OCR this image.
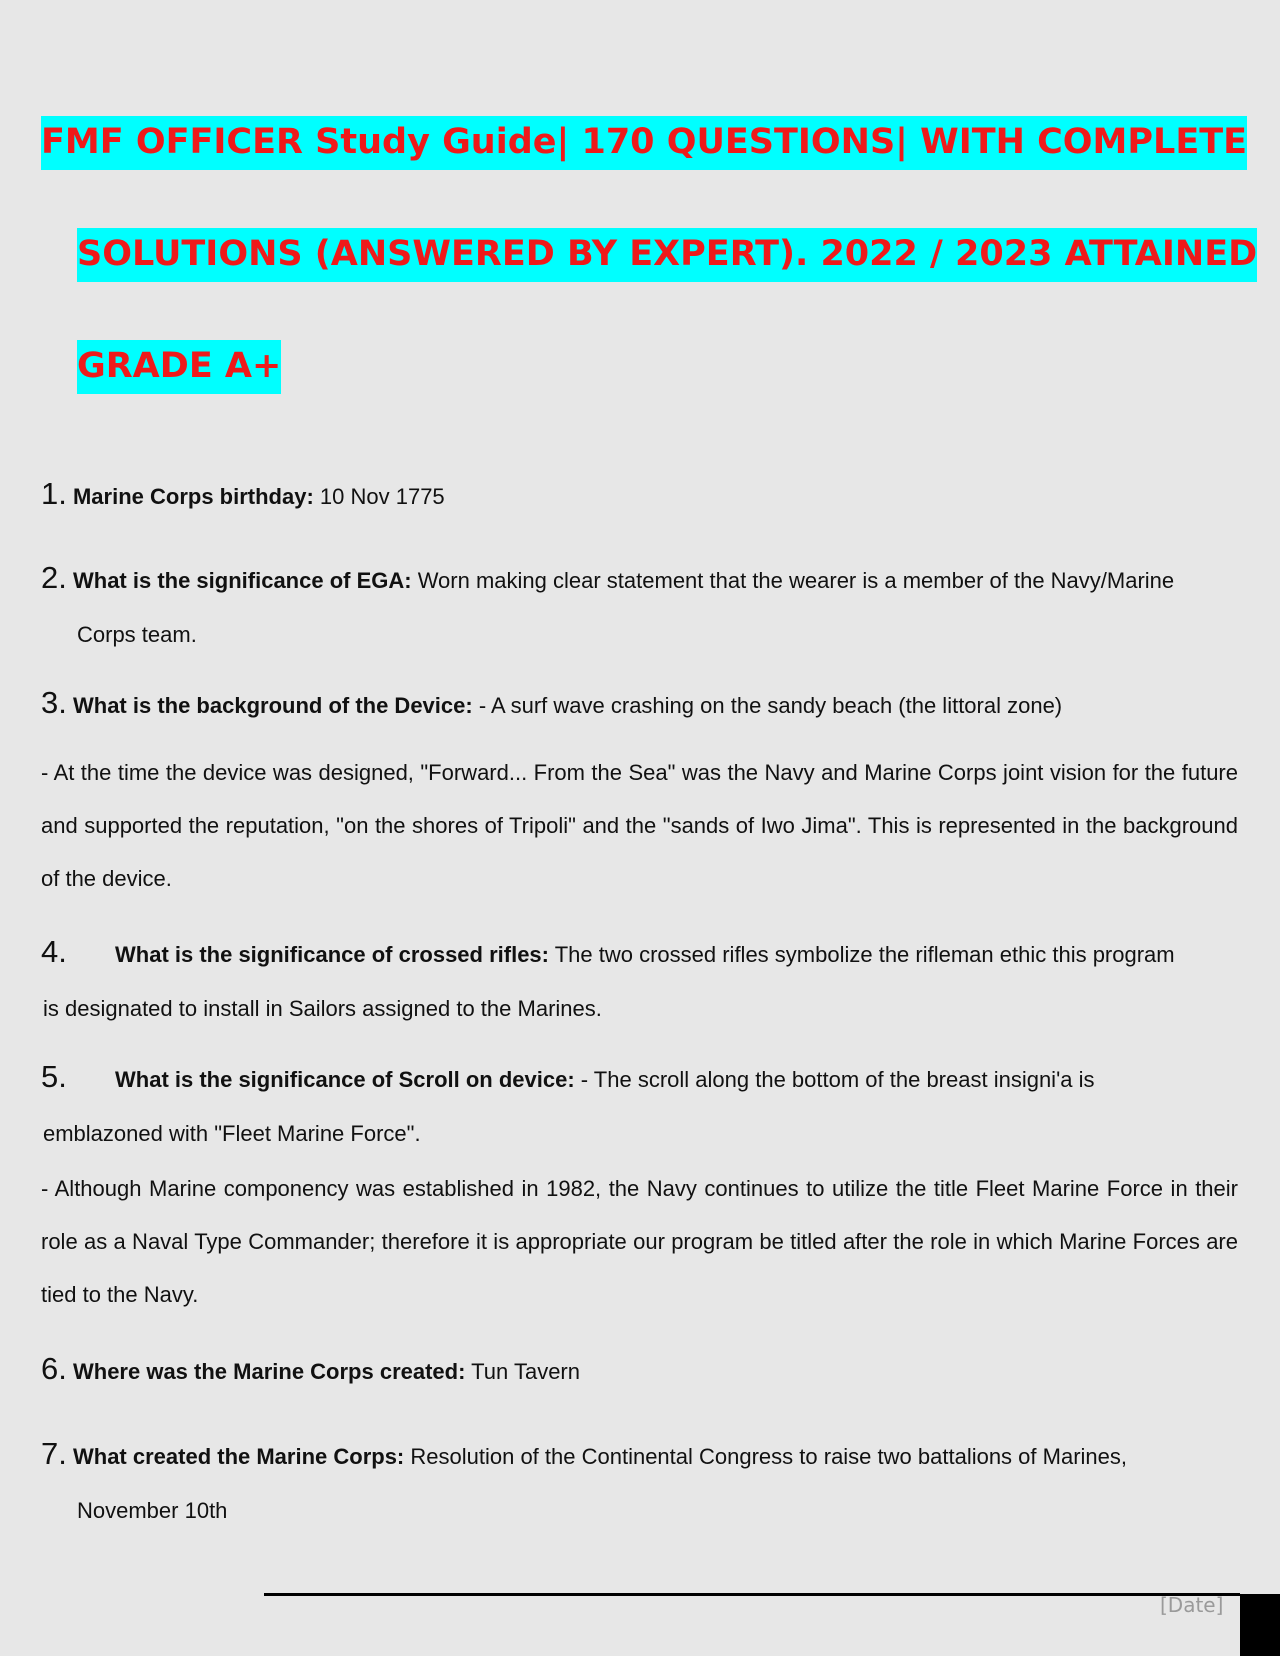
FMF OFFICER Study Guide| 170 QUESTIONS| WITH COMPLETE
SOLUTIONS (ANSWERED BY EXPERT). 2022 / 2023 ATTAINED
GRADE A+
1. Marine Corps birthday: 10 Nov 1775
2. What is the significance of EGA: Worn making clear statement that the wearer is a member of the Navy/Marine
Corps team.
3. What is the background of the Device: - A surf wave crashing on the sandy beach (the littoral zone)
- At the time the device was designed, "Forward... From the Sea" was the Navy and Marine Corps joint vision for the future and supported the reputation, "on the shores of Tripoli" and the "sands of Iwo Jima". This is represented in the background of the device.
4. What is the significance of crossed rifles: The two crossed rifles symbolize the rifleman ethic this program
is designated to install in Sailors assigned to the Marines.
5. What is the significance of Scroll on device: - The scroll along the bottom of the breast insigni'a is
emblazoned with "Fleet Marine Force".
- Although Marine componency was established in 1982, the Navy continues to utilize the title Fleet Marine Force in their role as a Naval Type Commander; therefore it is appropriate our program be titled after the role in which Marine Forces are tied to the Navy.
6. Where was the Marine Corps created: Tun Tavern
7. What created the Marine Corps: Resolution of the Continental Congress to raise two battalions of Marines,
November 10th
[Date]
